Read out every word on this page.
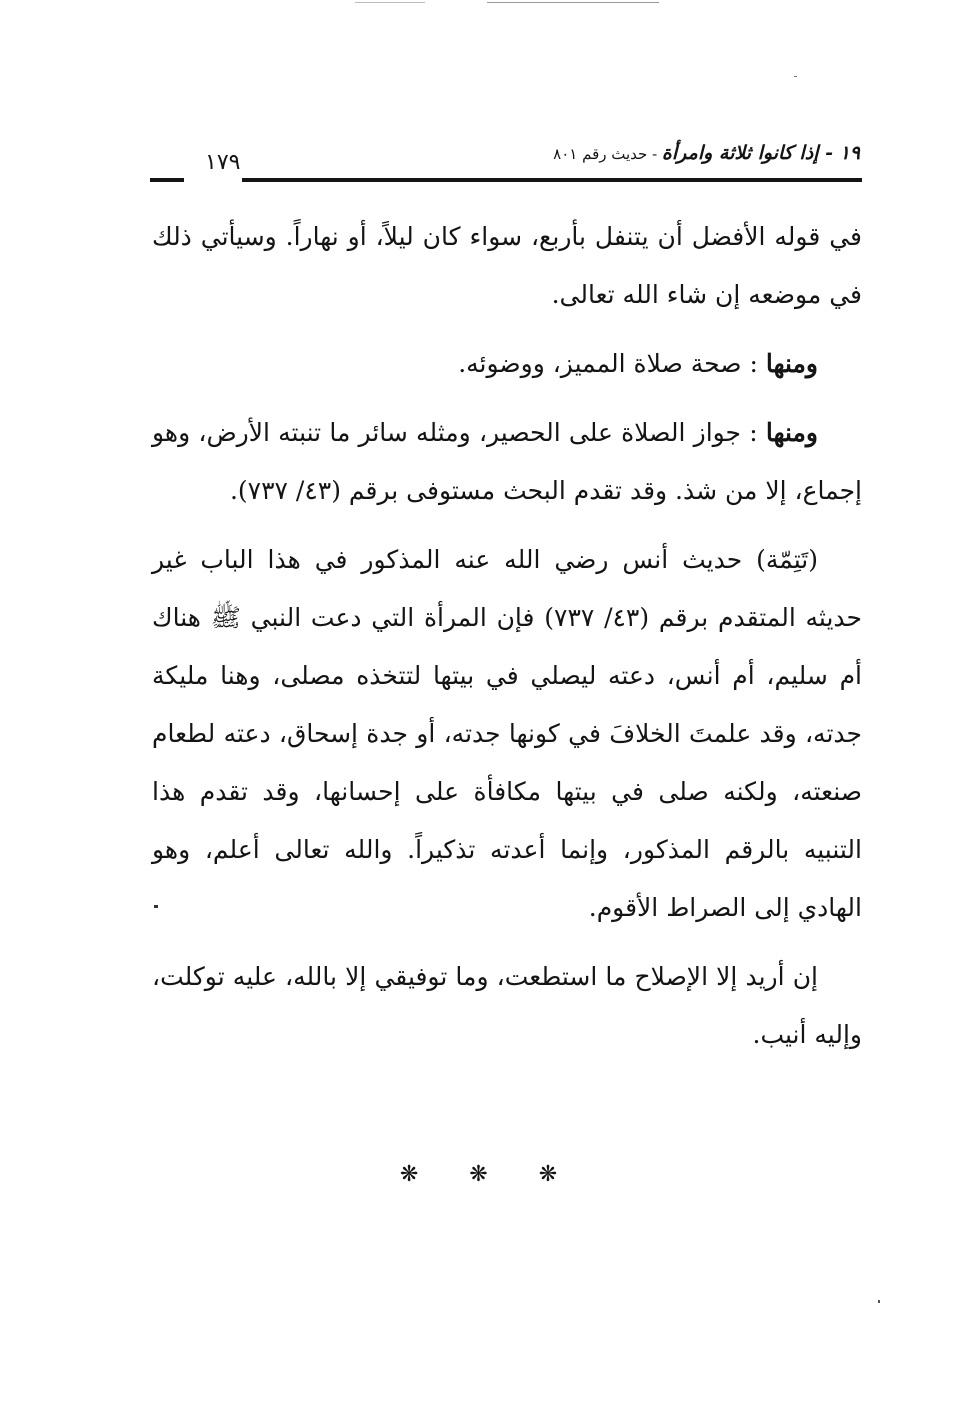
١٩ - إذا كانوا ثلاثة وامرأة - حديث رقم ٨٠١
١٧٩

في قوله الأفضل أن يتنفل بأربع، سواء كان ليلاً، أو نهاراً. وسيأتي ذلك في موضعه إن شاء الله تعالى.

ومنها : صحة صلاة المميز، ووضوئه.

ومنها : جواز الصلاة على الحصير، ومثله سائر ما تنبته الأرض، وهو إجماع، إلا من شذ. وقد تقدم البحث مستوفى برقم (٤٣/ ٧٣٧).

(تَتِمّة) حديث أنس رضي الله عنه المذكور في هذا الباب غير حديثه المتقدم برقم (٤٣/ ٧٣٧) فإن المرأة التي دعت النبي ﷺ هناك أم سليم، أم أنس، دعته ليصلي في بيتها لتتخذه مصلى، وهنا مليكة جدته، وقد علمتَ الخلافَ في كونها جدته، أو جدة إسحاق، دعته لطعام صنعته، ولكنه صلى في بيتها مكافأة على إحسانها، وقد تقدم هذا التنبيه بالرقم المذكور، وإنما أعدته تذكيراً. والله تعالى أعلم، وهو الهادي إلى الصراط الأقوم.

إن أريد إلا الإصلاح ما استطعت، وما توفيقي إلا بالله، عليه توكلت، وإليه أنيب.

❋ ❋ ❋
